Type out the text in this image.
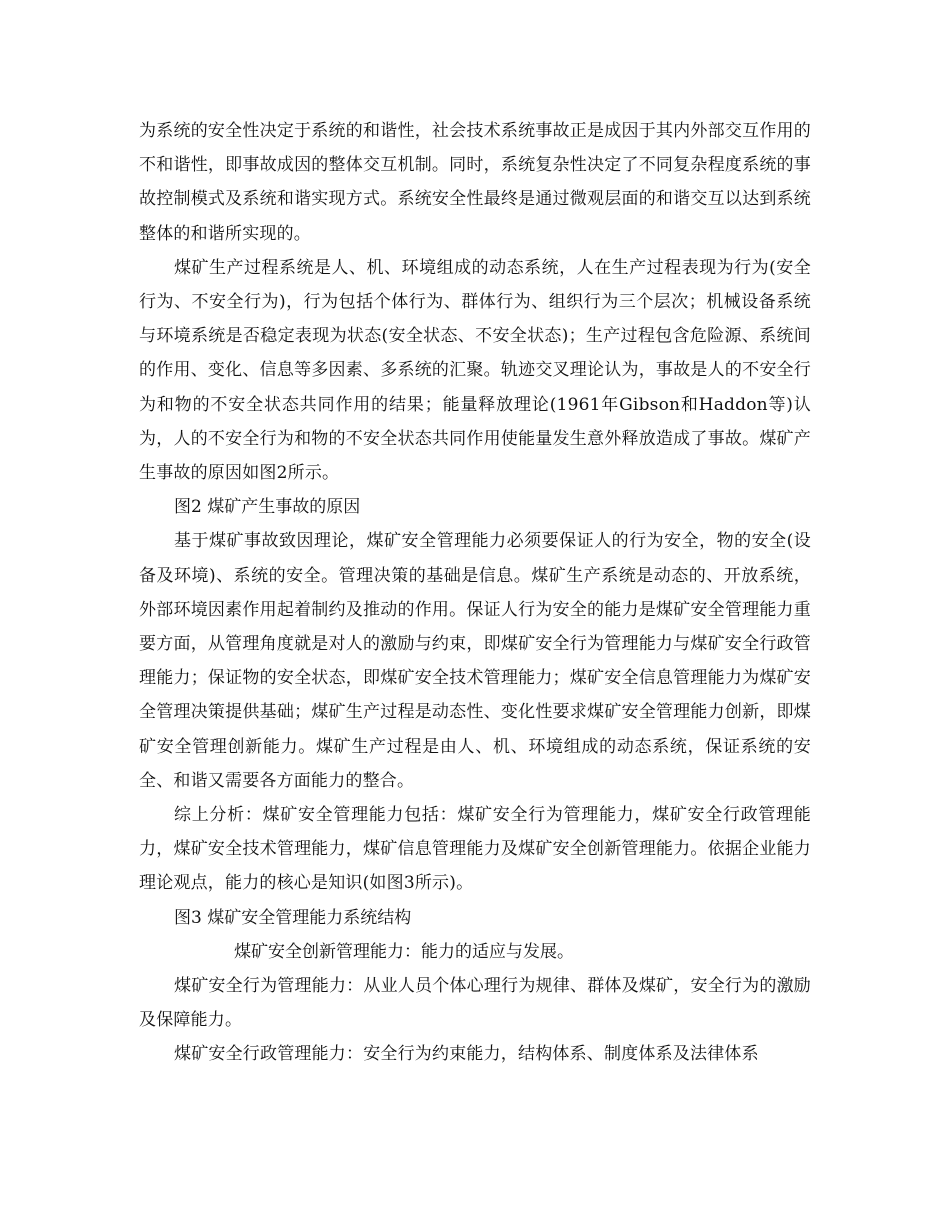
为系统的安全性决定于系统的和谐性，社会技术系统事故正是成因于其内外部交互作用的不和谐性，即事故成因的整体交互机制。同时，系统复杂性决定了不同复杂程度系统的事故控制模式及系统和谐实现方式。系统安全性最终是通过微观层面的和谐交互以达到系统整体的和谐所实现的。

煤矿生产过程系统是人、机、环境组成的动态系统，人在生产过程表现为行为(安全行为、不安全行为)，行为包括个体行为、群体行为、组织行为三个层次；机械设备系统与环境系统是否稳定表现为状态(安全状态、不安全状态)；生产过程包含危险源、系统间的作用、变化、信息等多因素、多系统的汇聚。轨迹交叉理论认为，事故是人的不安全行为和物的不安全状态共同作用的结果；能量释放理论(1961年Gibson和Haddon等)认为，人的不安全行为和物的不安全状态共同作用使能量发生意外释放造成了事故。煤矿产生事故的原因如图2所示。

图2 煤矿产生事故的原因

基于煤矿事故致因理论，煤矿安全管理能力必须要保证人的行为安全，物的安全(设备及环境)、系统的安全。管理决策的基础是信息。煤矿生产系统是动态的、开放系统，外部环境因素作用起着制约及推动的作用。保证人行为安全的能力是煤矿安全管理能力重要方面，从管理角度就是对人的激励与约束，即煤矿安全行为管理能力与煤矿安全行政管理能力；保证物的安全状态，即煤矿安全技术管理能力；煤矿安全信息管理能力为煤矿安全管理决策提供基础；煤矿生产过程是动态性、变化性要求煤矿安全管理能力创新，即煤矿安全管理创新能力。煤矿生产过程是由人、机、环境组成的动态系统，保证系统的安全、和谐又需要各方面能力的整合。

综上分析：煤矿安全管理能力包括：煤矿安全行为管理能力，煤矿安全行政管理能力，煤矿安全技术管理能力，煤矿信息管理能力及煤矿安全创新管理能力。依据企业能力理论观点，能力的核心是知识(如图3所示)。

图3 煤矿安全管理能力系统结构

煤矿安全创新管理能力：能力的适应与发展。

煤矿安全行为管理能力：从业人员个体心理行为规律、群体及煤矿，安全行为的激励及保障能力。

煤矿安全行政管理能力：安全行为约束能力，结构体系、制度体系及法律体系
